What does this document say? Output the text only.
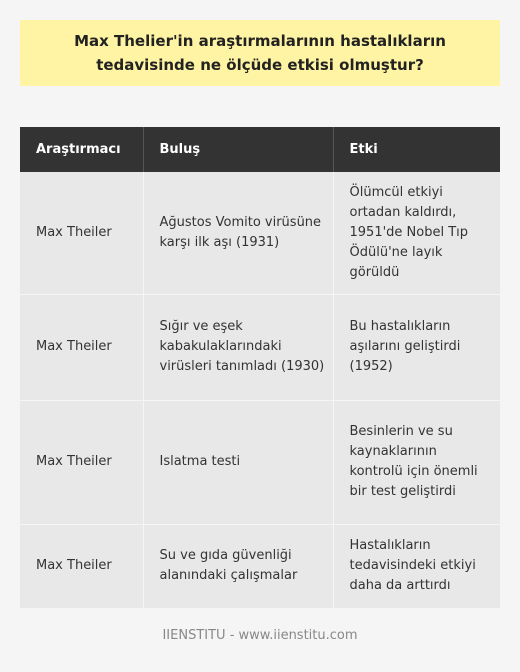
Max Thelier'in araştırmalarının hastalıkların tedavisinde ne ölçüde etkisi olmuştur?
Araştırmacı	Buluş	Etki
Max Theiler	Ağustos Vomito virüsüne karşı ilk aşı (1931)	Ölümcül etkiyi ortadan kaldırdı, 1951'de Nobel Tıp Ödülü'ne layık görüldü
Max Theiler	Sığır ve eşek kabakulaklarındaki virüsleri tanımladı (1930)	Bu hastalıkların aşılarını geliştirdi (1952)
Max Theiler	Islatma testi	Besinlerin ve su kaynaklarının kontrolü için önemli bir test geliştirdi
Max Theiler	Su ve gıda güvenliği alanındaki çalışmalar	Hastalıkların tedavisindeki etkiyi daha da arttırdı
IIENSTITU - www.iienstitu.com
